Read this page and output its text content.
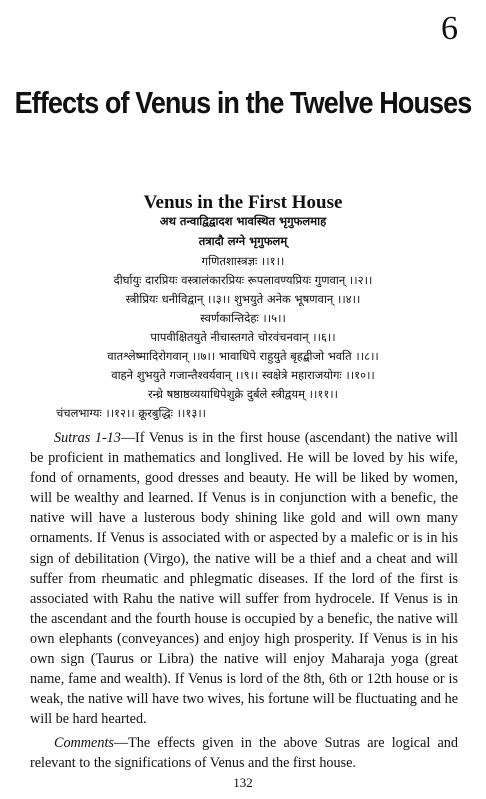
6
Effects of Venus in the Twelve Houses
Venus in the First House
अथ तन्वाद्विद्वादश भावस्थित भृगुफलमाह
तत्रादौ लग्ने भृगुफलम्
गणितशास्त्रज्ञः ।।१।।
दीर्घायुः दारप्रियः वस्त्रालंकारप्रियः रूपलावण्यप्रियः गुणवान् ।।२।।
स्त्रीप्रियः धनीविद्वान् ।।३।। शुभयुते अनेक भूषणवान् ।।४।।
स्वर्णकान्तिदेहः ।।५।।
पापवीक्षितयुते नीचास्तगते चोरवंचनवान् ।।६।।
वातश्लेष्मादिरोगवान् ।।७।। भावाधिपे राहुयुते बृहद्बीजो भवति ।।८।।
वाहने शुभयुते गजान्तैश्वर्यवान् ।।९।। स्वक्षेत्रे महाराजयोगः ।।१०।।
रन्ध्रे षष्ठाष्ठव्ययाधिपेशुक्रे दुर्बले स्त्रीद्वयम् ।।११।।
चंचलभाग्यः ।।१२।। क्रूरबुद्धिः ।।१३।।

Sutras 1-13—If Venus is in the first house (ascendant) the native will be proficient in mathematics and longlived. He will be loved by his wife, fond of ornaments, good dresses and beauty. He will be liked by women, will be wealthy and learned. If Venus is in conjunction with a benefic, the native will have a lusterous body shining like gold and will own many ornaments. If Venus is associated with or aspected by a malefic or is in his sign of debilitation (Virgo), the native will be a thief and a cheat and will suffer from rheumatic and phlegmatic diseases. If the lord of the first is associated with Rahu the native will suffer from hydrocele. If Venus is in the ascendant and the fourth house is occupied by a benefic, the native will own elephants (conveyances) and enjoy high prosperity. If Venus is in his own sign (Taurus or Libra) the native will enjoy Maharaja yoga (great name, fame and wealth). If Venus is lord of the 8th, 6th or 12th house or is weak, the native will have two wives, his fortune will be fluctuating and he will be hard hearted.

Comments—The effects given in the above Sutras are logical and relevant to the significations of Venus and the first house.

132
